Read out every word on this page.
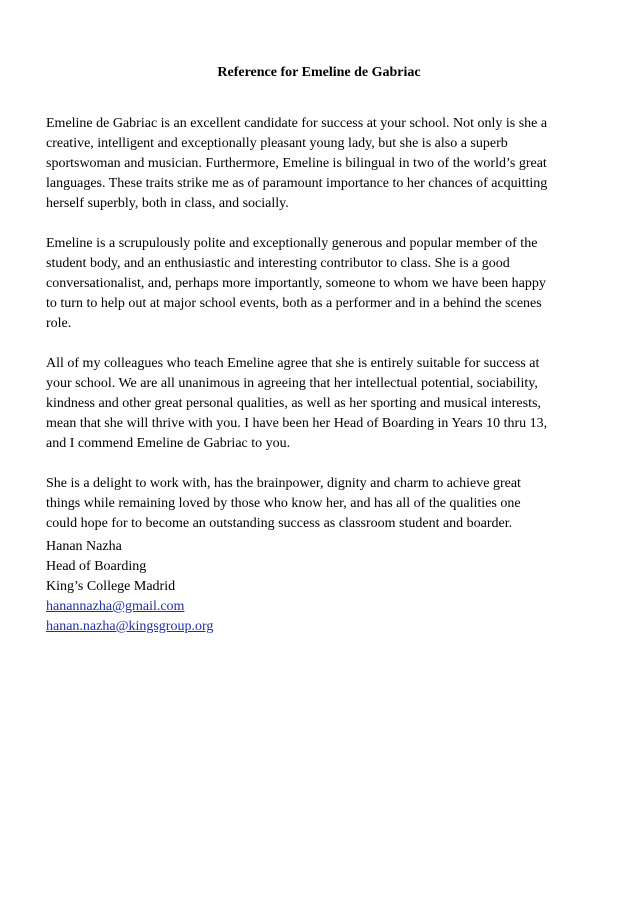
Reference for Emeline de Gabriac

Emeline de Gabriac is an excellent candidate for success at your school. Not only is she a
creative, intelligent and exceptionally pleasant young lady, but she is also a superb
sportswoman and musician. Furthermore, Emeline is bilingual in two of the world’s great
languages. These traits strike me as of paramount importance to her chances of acquitting
herself superbly, both in class, and socially.

Emeline is a scrupulously polite and exceptionally generous and popular member of the
student body, and an enthusiastic and interesting contributor to class. She is a good
conversationalist, and, perhaps more importantly, someone to whom we have been happy
to turn to help out at major school events, both as a performer and in a behind the scenes
role.

All of my colleagues who teach Emeline agree that she is entirely suitable for success at
your school. We are all unanimous in agreeing that her intellectual potential, sociability,
kindness and other great personal qualities, as well as her sporting and musical interests,
mean that she will thrive with you. I have been her Head of Boarding in Years 10 thru 13,
and I commend Emeline de Gabriac to you.

She is a delight to work with, has the brainpower, dignity and charm to achieve great
things while remaining loved by those who know her, and has all of the qualities one
could hope for to become an outstanding success as classroom student and boarder.

Hanan Nazha
Head of Boarding
King’s College Madrid
hanannazha@gmail.com
hanan.nazha@kingsgroup.org
